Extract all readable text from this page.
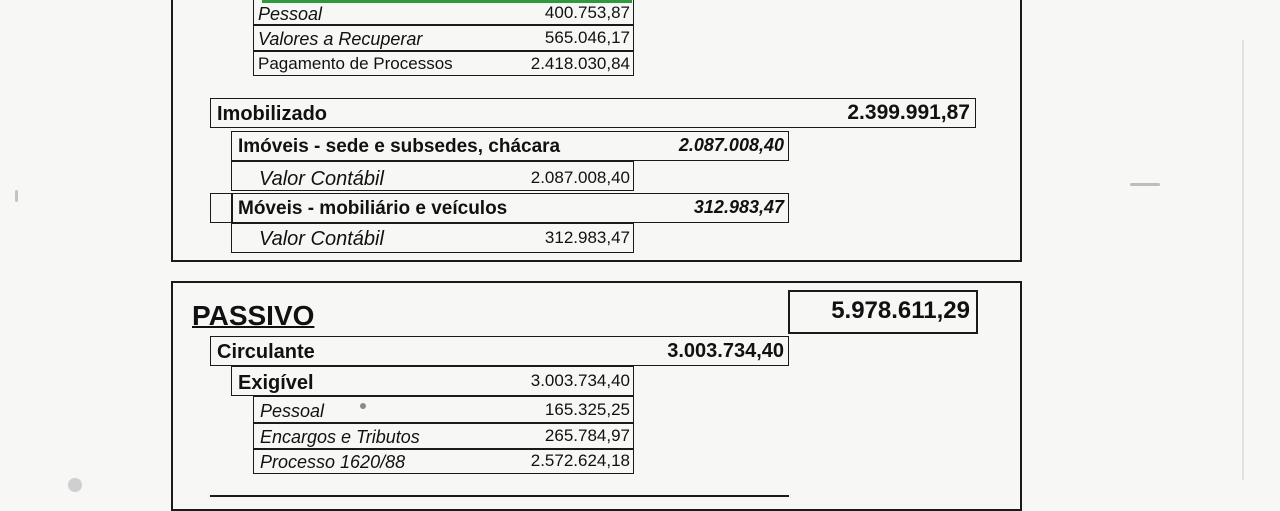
Pessoal	400.753,87
Valores a Recuperar	565.046,17
Pagamento de Processos	2.418.030,84
Imobilizado	2.399.991,87
Imóveis - sede e subsedes, chácara	2.087.008,40
Valor Contábil	2.087.008,40
Móveis - mobiliário e veículos	312.983,47
Valor Contábil	312.983,47
PASSIVO	5.978.611,29
Circulante	3.003.734,40
Exigível	3.003.734,40
Pessoal	165.325,25
Encargos e Tributos	265.784,97
Processo 1620/88	2.572.624,18
